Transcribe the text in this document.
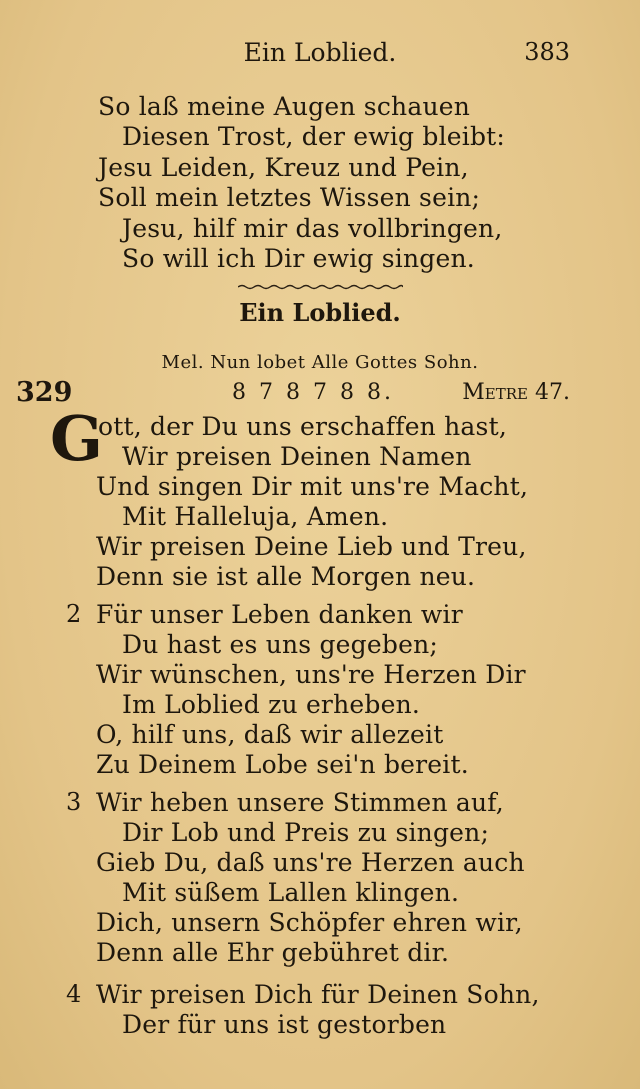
Ein Loblied.	383
So laß meine Augen schauen
Diesen Trost, der ewig bleibt:
Jesu Leiden, Kreuz und Pein,
Soll mein letztes Wissen sein;
Jesu, hilf mir das vollbringen,
So will ich Dir ewig singen.
Ein Loblied.
Mel. Nun lobet Alle Gottes Sohn.
329	8 7 8 7 8 8.	Metre 47.
G
ott, der Du uns erschaffen hast,
Wir preisen Deinen Namen
Und singen Dir mit uns're Macht,
Mit Halleluja, Amen.
Wir preisen Deine Lieb und Treu,
Denn sie ist alle Morgen neu.
2 Für unser Leben danken wir
Du hast es uns gegeben;
Wir wünschen, uns're Herzen Dir
Im Loblied zu erheben.
O, hilf uns, daß wir allezeit
Zu Deinem Lobe sei'n bereit.
3 Wir heben unsere Stimmen auf,
Dir Lob und Preis zu singen;
Gieb Du, daß uns're Herzen auch
Mit süßem Lallen klingen.
Dich, unsern Schöpfer ehren wir,
Denn alle Ehr gebühret dir.
4 Wir preisen Dich für Deinen Sohn,
Der für uns ist gestorben
